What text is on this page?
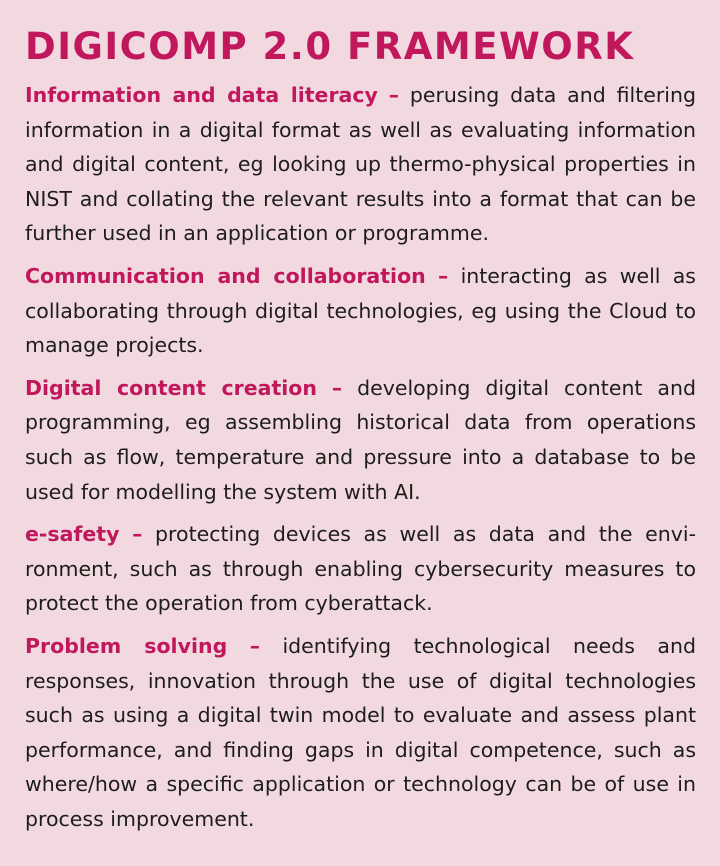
DIGICOMP 2.0 FRAMEWORK

Information and data literacy – perusing data and filtering information in a digital format as well as evaluating information and digital content, eg looking up thermo-physical properties in NIST and collating the relevant results into a format that can be further used in an application or programme.

Communication and collaboration – interacting as well as collaborating through digital technologies, eg using the Cloud to manage projects.

Digital content creation – developing digital content and programming, eg assembling historical data from operations such as flow, temperature and pressure into a database to be used for modelling the system with AI.

e-safety – protecting devices as well as data and the environment, such as through enabling cybersecurity measures to protect the operation from cyberattack.

Problem solving – identifying technological needs and responses, innovation through the use of digital technologies such as using a digital twin model to evaluate and assess plant performance, and finding gaps in digital competence, such as where/how a specific application or technology can be of use in process improvement.
